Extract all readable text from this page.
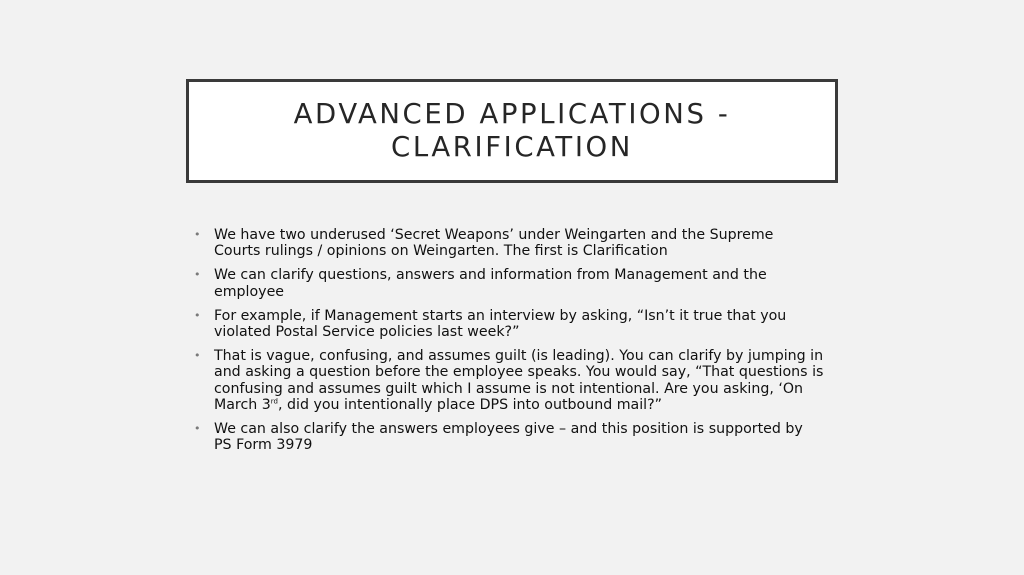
ADVANCED APPLICATIONS -
CLARIFICATION
• We have two underused ‘Secret Weapons’ under Weingarten and the Supreme Courts rulings / opinions on Weingarten. The first is Clarification
• We can clarify questions, answers and information from Management and the employee
• For example, if Management starts an interview by asking, “Isn’t it true that you violated Postal Service policies last week?”
• That is vague, confusing, and assumes guilt (is leading). You can clarify by jumping in and asking a question before the employee speaks. You would say, “That questions is confusing and assumes guilt which I assume is not intentional. Are you asking, ‘On March 3rd, did you intentionally place DPS into outbound mail?”
• We can also clarify the answers employees give – and this position is supported by PS Form 3979
